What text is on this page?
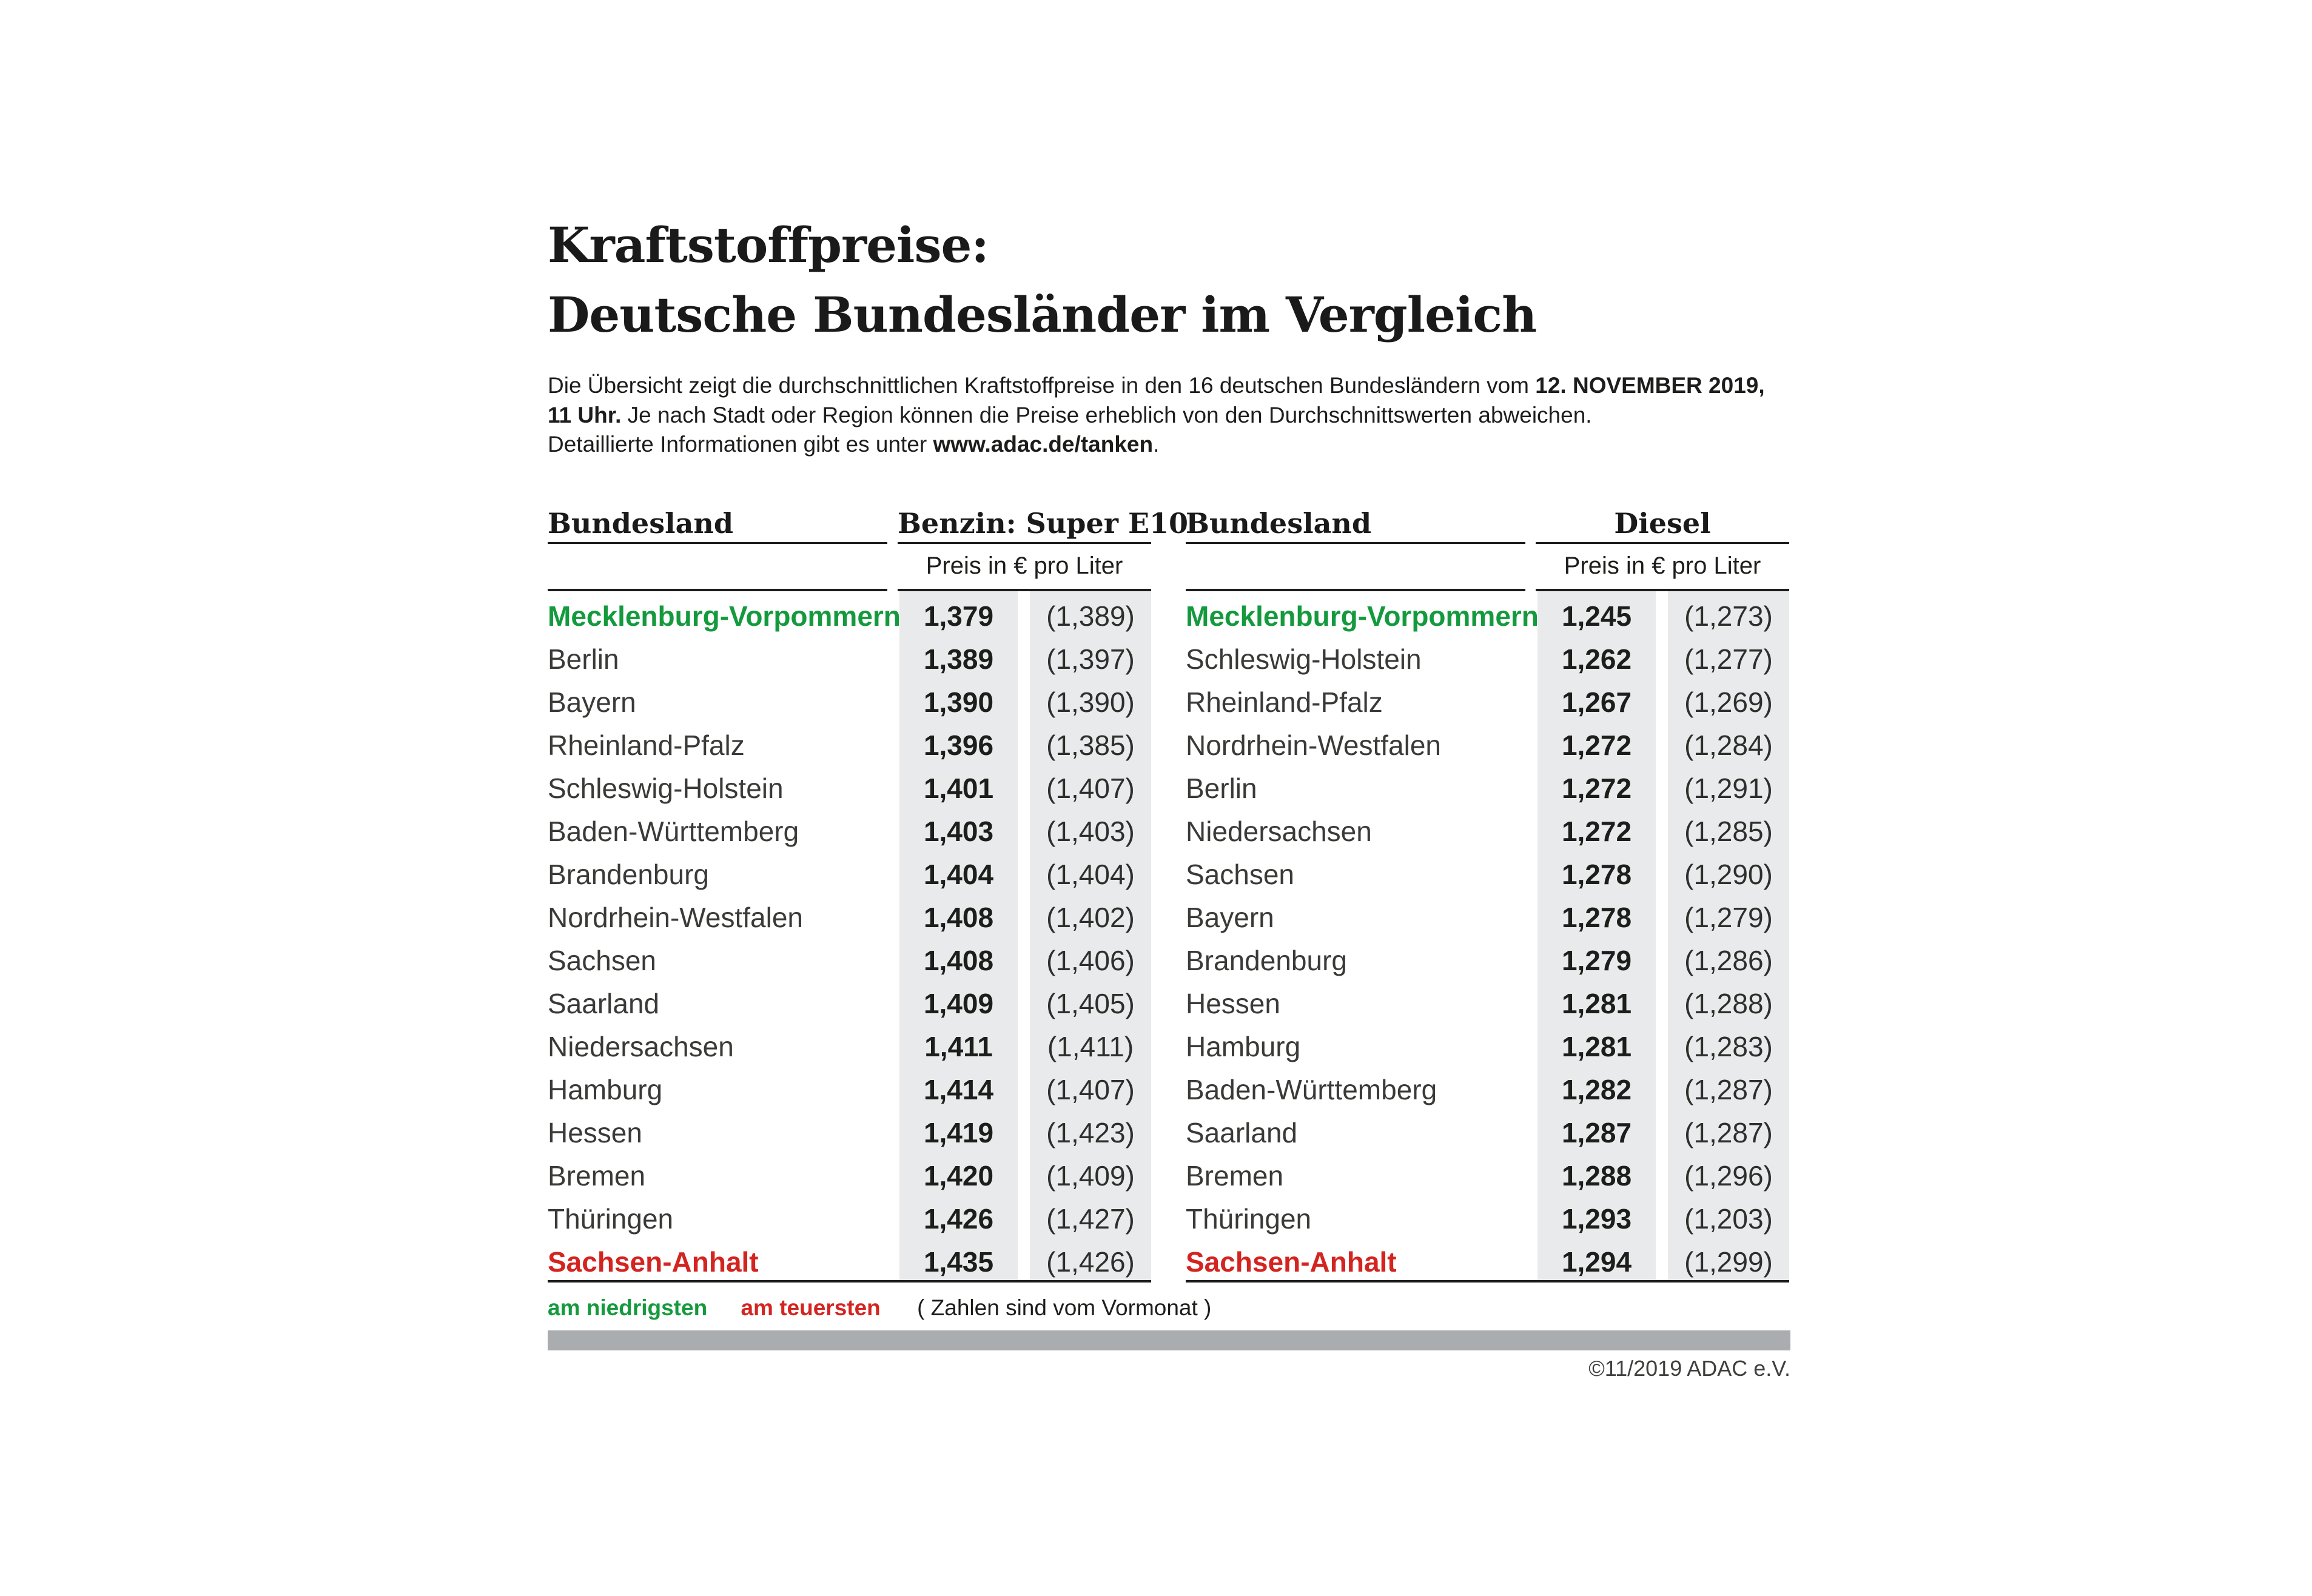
Kraftstoffpreise:
Deutsche Bundesländer im Vergleich

Die Übersicht zeigt die durchschnittlichen Kraftstoffpreise in den 16 deutschen Bundesländern vom 12. NOVEMBER 2019,
11 Uhr. Je nach Stadt oder Region können die Preise erheblich von den Durchschnittswerten abweichen.
Detaillierte Informationen gibt es unter www.adac.de/tanken.

Bundesland	Benzin: Super E10
Preis in € pro Liter
Mecklenburg-Vorpommern 1,379	(1,389)
Berlin	1,389	(1,397)
Bayern	1,390	(1,390)
Rheinland-Pfalz	1,396	(1,385)
Schleswig-Holstein	1,401	(1,407)
Baden-Württemberg	1,403	(1,403)
Brandenburg	1,404	(1,404)
Nordrhein-Westfalen	1,408	(1,402)
Sachsen	1,408	(1,406)
Saarland	1,409	(1,405)
Niedersachsen	1,411	(1,411)
Hamburg	1,414	(1,407)
Hessen	1,419	(1,423)
Bremen	1,420	(1,409)
Thüringen	1,426	(1,427)
Sachsen-Anhalt	1,435	(1,426)
Bundesland	Diesel
Preis in € pro Liter
Mecklenburg-Vorpommern 1,245	(1,273)
Schleswig-Holstein	1,262	(1,277)
Rheinland-Pfalz	1,267	(1,269)
Nordrhein-Westfalen	1,272	(1,284)
Berlin	1,272	(1,291)
Niedersachsen	1,272	(1,285)
Sachsen	1,278	(1,290)
Bayern	1,278	(1,279)
Brandenburg	1,279	(1,286)
Hessen	1,281	(1,288)
Hamburg	1,281	(1,283)
Baden-Württemberg	1,282	(1,287)
Saarland	1,287	(1,287)
Bremen	1,288	(1,296)
Thüringen	1,293	(1,203)
Sachsen-Anhalt	1,294	(1,299)
am niedrigsten am teuersten ( Zahlen sind vom Vormonat )
©11/2019 ADAC e.V.
